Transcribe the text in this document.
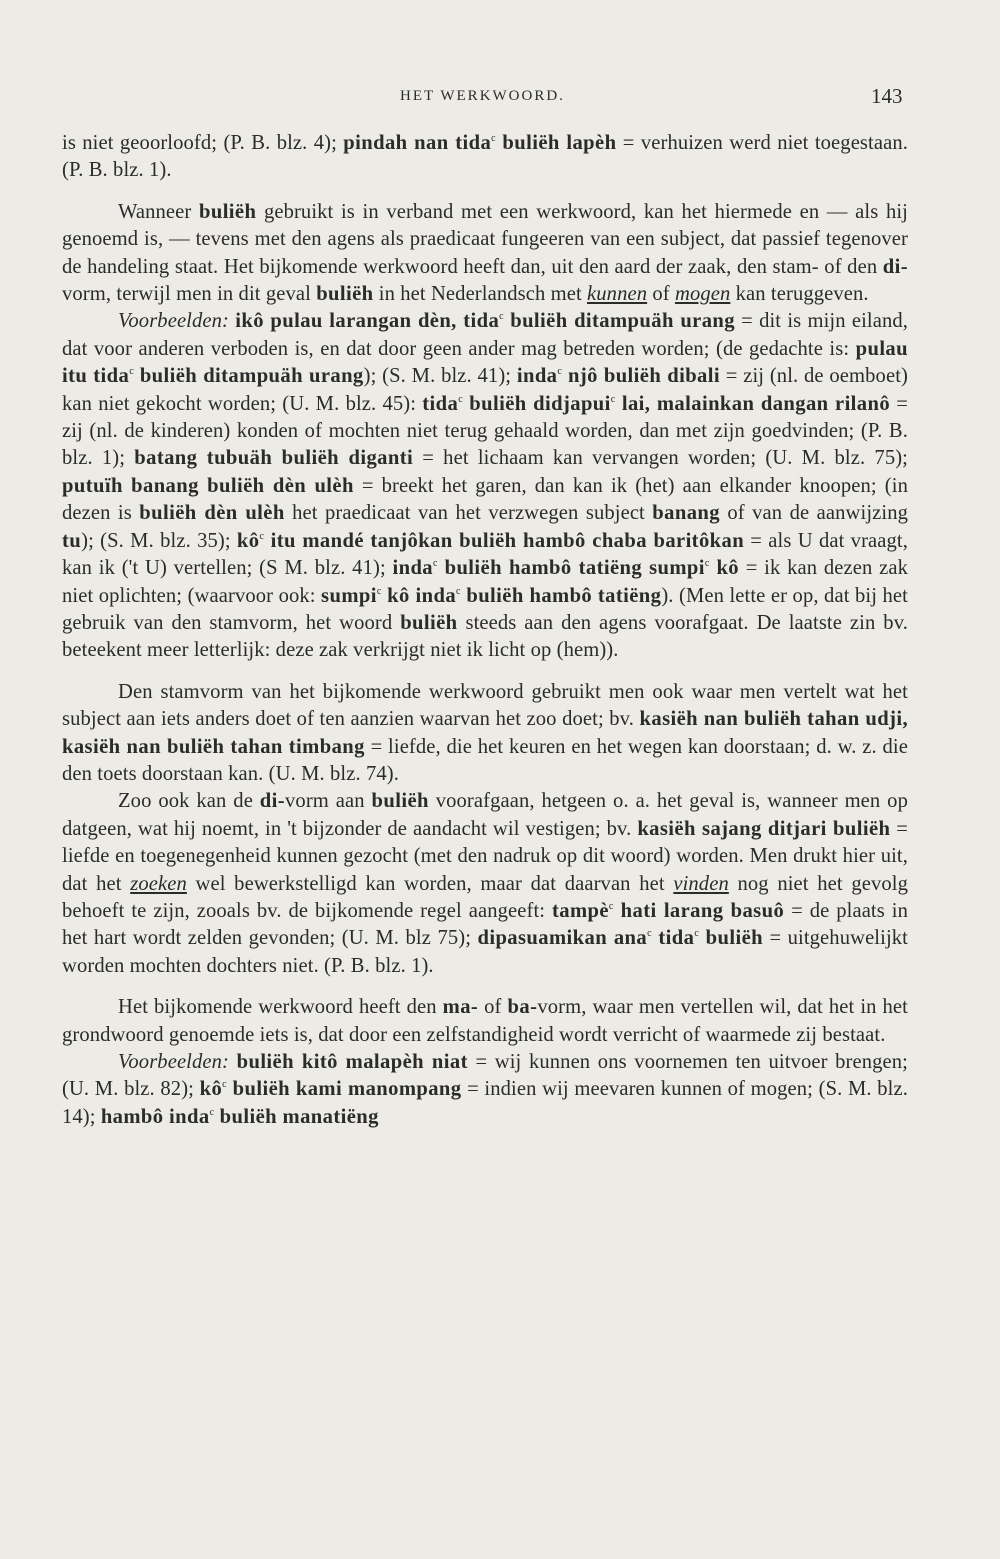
HET WERKWOORD.	143

is niet geoorloofd; (P. B. blz. 4); pindah nan tida$^c$ buliëh lapèh = verhuizen werd niet toegestaan. (P. B. blz. 1).

Wanneer buliëh gebruikt is in verband met een werkwoord, kan het hiermede en — als hij genoemd is, — tevens met den agens als praedicaat fungeeren van een subject, dat passief tegenover de handeling staat. Het bijkomende werkwoord heeft dan, uit den aard der zaak, den stam- of den di-vorm, terwijl men in dit geval buliëh in het Nederlandsch met kunnen of mogen kan teruggeven.

Voorbeelden: ikô pulau larangan dèn, tida$^c$ buliëh ditampuäh urang = dit is mijn eiland, dat voor anderen verboden is, en dat door geen ander mag betreden worden; (de gedachte is: pulau itu tida$^c$ buliëh ditampuäh urang); (S. M. blz. 41); inda$^c$ njô buliëh dibali = zij (nl. de oemboet) kan niet gekocht worden; (U. M. blz. 45): tida$^c$ buliëh didjapui$^c$ lai, malainkan dangan rilanô = zij (nl. de kinderen) konden of mochten niet terug gehaald worden, dan met zijn goedvinden; (P. B. blz. 1); batang tubuäh buliëh diganti = het lichaam kan vervangen worden; (U. M. blz. 75); putuïh banang buliëh dèn ulèh = breekt het garen, dan kan ik (het) aan elkander knoopen; (in dezen is buliëh dèn ulèh het praedicaat van het verzwegen subject banang of van de aanwijzing tu); (S. M. blz. 35); $kô^c$ itu mandé tanjôkan buliëh hambô chaba baritôkan = als U dat vraagt, kan ik ('t U) vertellen; (S M. blz. 41); inda$^c$ buliëh hambô tatiëng sumpi$^c$ kô = ik kan dezen zak niet oplichten; (waarvoor ook: sumpi$^c$ kô inda$^c$ buliëh hambô tatiëng). (Men lette er op, dat bij het gebruik van den stamvorm, het woord buliëh steeds aan den agens voorafgaat. De laatste zin bv. beteekent meer letterlijk: deze zak verkrijgt niet ik licht op (hem)).

Den stamvorm van het bijkomende werkwoord gebruikt men ook waar men vertelt wat het subject aan iets anders doet of ten aanzien waarvan het zoo doet; bv. kasiëh nan buliëh tahan udji, kasiëh nan buliëh tahan timbang = liefde, die het keuren en het wegen kan doorstaan; d. w. z. die den toets doorstaan kan. (U. M. blz. 74).

Zoo ook kan de di-vorm aan buliëh voorafgaan, hetgeen o. a. het geval is, wanneer men op datgeen, wat hij noemt, in 't bijzonder de aandacht wil vestigen; bv. kasiëh sajang ditjari buliëh = liefde en toegenegenheid kunnen gezocht (met den nadruk op dit woord) worden. Men drukt hier uit, dat het zoeken wel bewerkstelligd kan worden, maar dat daarvan het vinden nog niet het gevolg behoeft te zijn, zooals bv. de bijkomende regel aangeeft: tampè$^c$ hati larang basuô = de plaats in het hart wordt zelden gevonden; (U. M. blz 75); dipasuamikan ana$^c$ tida$^c$ buliëh = uitgehuwelijkt worden mochten dochters niet. (P. B. blz. 1).

Het bijkomende werkwoord heeft den ma- of ba-vorm, waar men vertellen wil, dat het in het grondwoord genoemde iets is, dat door een zelfstandigheid wordt verricht of waarmede zij bestaat.

Voorbeelden: buliëh kitô malapèh niat = wij kunnen ons voornemen ten uitvoer brengen; (U. M. blz. 82); $kô^c$ buliëh kami manompang = indien wij meevaren kunnen of mogen; (S. M. blz. 14); hambô inda$^c$ buliëh manatiëng
